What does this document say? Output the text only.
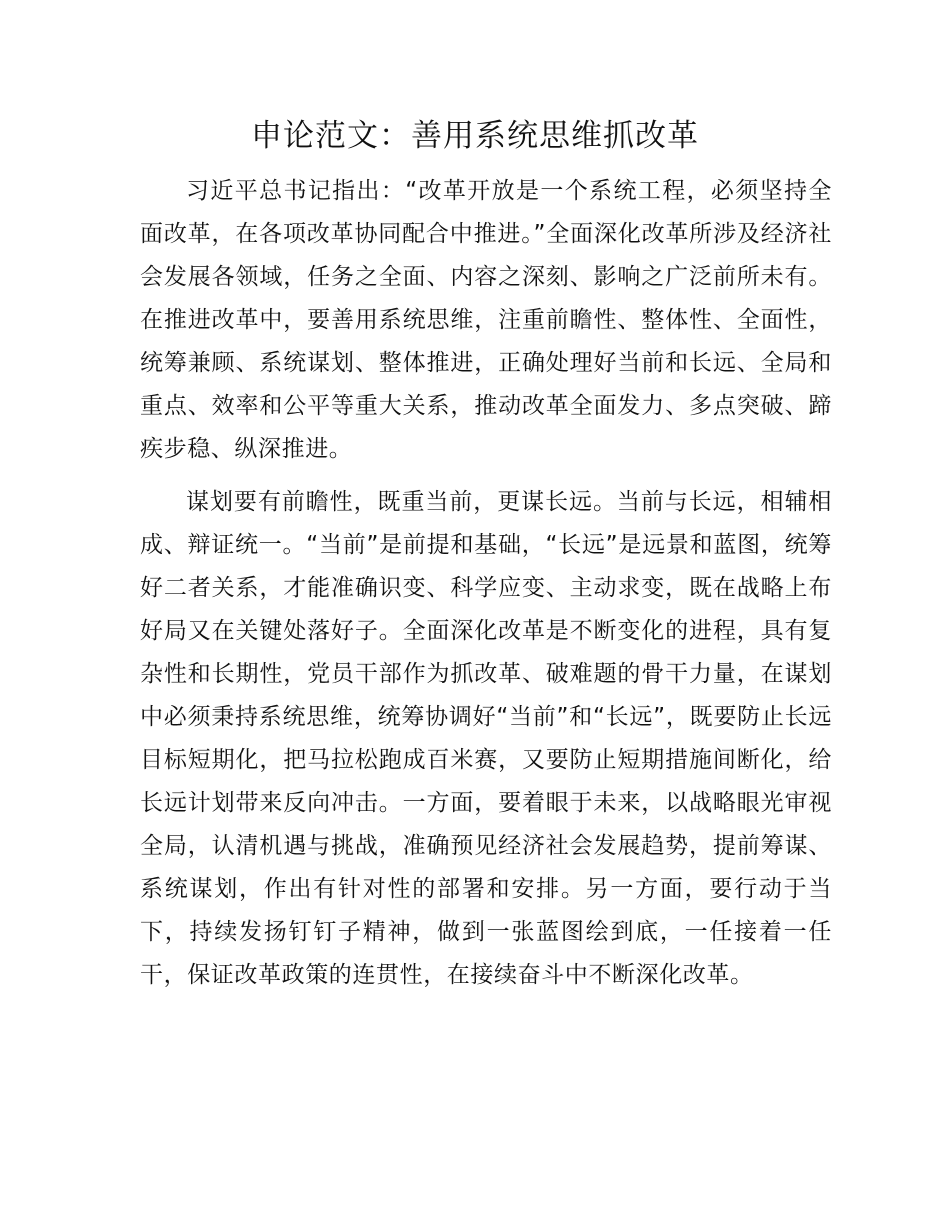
申论范文：善用系统思维抓改革

习近平总书记指出：“改革开放是一个系统工程，必须坚持全面改革，在各项改革协同配合中推进。”全面深化改革所涉及经济社会发展各领域，任务之全面、内容之深刻、影响之广泛前所未有。在推进改革中，要善用系统思维，注重前瞻性、整体性、全面性，统筹兼顾、系统谋划、整体推进，正确处理好当前和长远、全局和重点、效率和公平等重大关系，推动改革全面发力、多点突破、蹄疾步稳、纵深推进。

谋划要有前瞻性，既重当前，更谋长远。当前与长远，相辅相成、辩证统一。“当前”是前提和基础，“长远”是远景和蓝图，统筹好二者关系，才能准确识变、科学应变、主动求变，既在战略上布好局又在关键处落好子。全面深化改革是不断变化的进程，具有复杂性和长期性，党员干部作为抓改革、破难题的骨干力量，在谋划中必须秉持系统思维，统筹协调好“当前”和“长远”，既要防止长远目标短期化，把马拉松跑成百米赛，又要防止短期措施间断化，给长远计划带来反向冲击。一方面，要着眼于未来，以战略眼光审视全局，认清机遇与挑战，准确预见经济社会发展趋势，提前筹谋、系统谋划，作出有针对性的部署和安排。另一方面，要行动于当下，持续发扬钉钉子精神，做到一张蓝图绘到底，一任接着一任干，保证改革政策的连贯性，在接续奋斗中不断深化改革。
